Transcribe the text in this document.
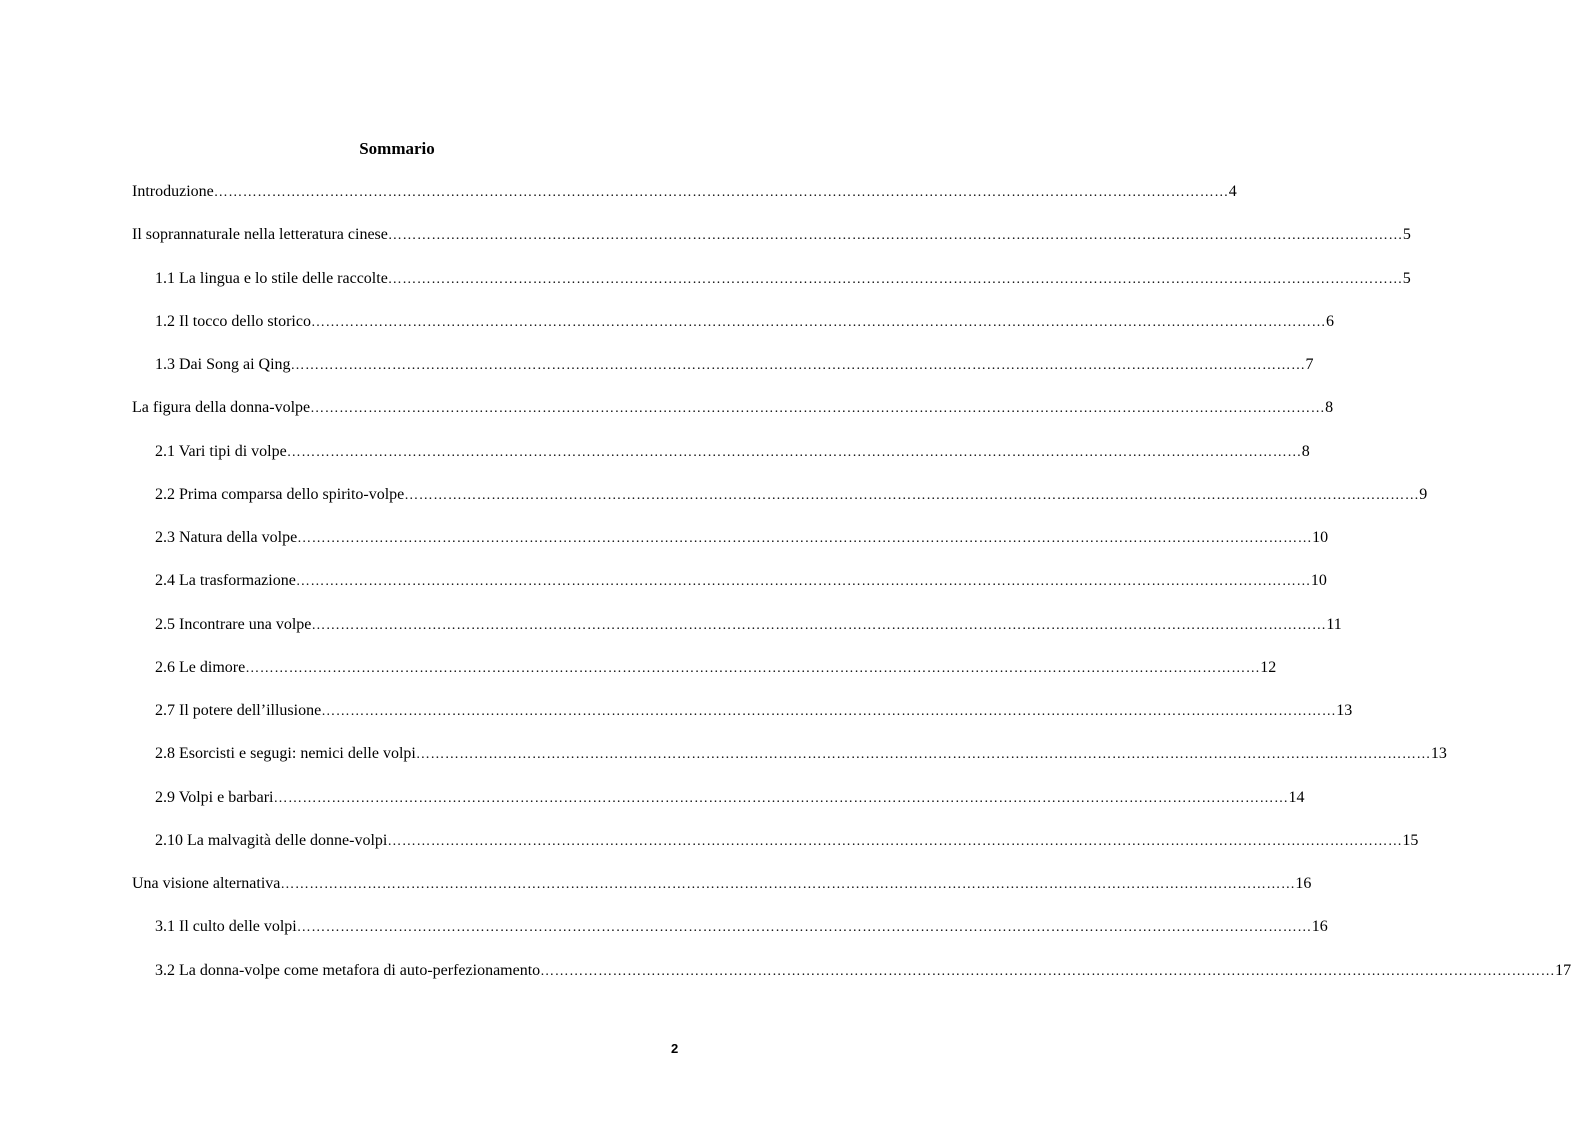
Sommario
Introduzione ………………………………………………………………………………………………………………………………………………………………………………………… 4
Il soprannaturale nella letteratura cinese ………………………………………………………………………………………………………………………………………………………………………………………… 5
1.1 La lingua e lo stile delle raccolte ………………………………………………………………………………………………………………………………………………………………………………………… 5
1.2 Il tocco dello storico ………………………………………………………………………………………………………………………………………………………………………………………… 6
1.3 Dai Song ai Qing ………………………………………………………………………………………………………………………………………………………………………………………… 7
La figura della donna-volpe ………………………………………………………………………………………………………………………………………………………………………………………… 8
2.1 Vari tipi di volpe ………………………………………………………………………………………………………………………………………………………………………………………… 8
2.2 Prima comparsa dello spirito-volpe ………………………………………………………………………………………………………………………………………………………………………………………… 9
2.3 Natura della volpe ………………………………………………………………………………………………………………………………………………………………………………………… 10
2.4 La trasformazione ………………………………………………………………………………………………………………………………………………………………………………………… 10
2.5 Incontrare una volpe ………………………………………………………………………………………………………………………………………………………………………………………… 11
2.6 Le dimore ………………………………………………………………………………………………………………………………………………………………………………………… 12
2.7 Il potere dell’illusione ………………………………………………………………………………………………………………………………………………………………………………………… 13
2.8 Esorcisti e segugi: nemici delle volpi ………………………………………………………………………………………………………………………………………………………………………………………… 13
2.9 Volpi e barbari ………………………………………………………………………………………………………………………………………………………………………………………… 14
2.10 La malvagità delle donne-volpi ………………………………………………………………………………………………………………………………………………………………………………………… 15
Una visione alternativa ………………………………………………………………………………………………………………………………………………………………………………………… 16
3.1 Il culto delle volpi ………………………………………………………………………………………………………………………………………………………………………………………… 16
3.2 La donna-volpe come metafora di auto-perfezionamento ………………………………………………………………………………………………………………………………………………………………………………………… 17
2
